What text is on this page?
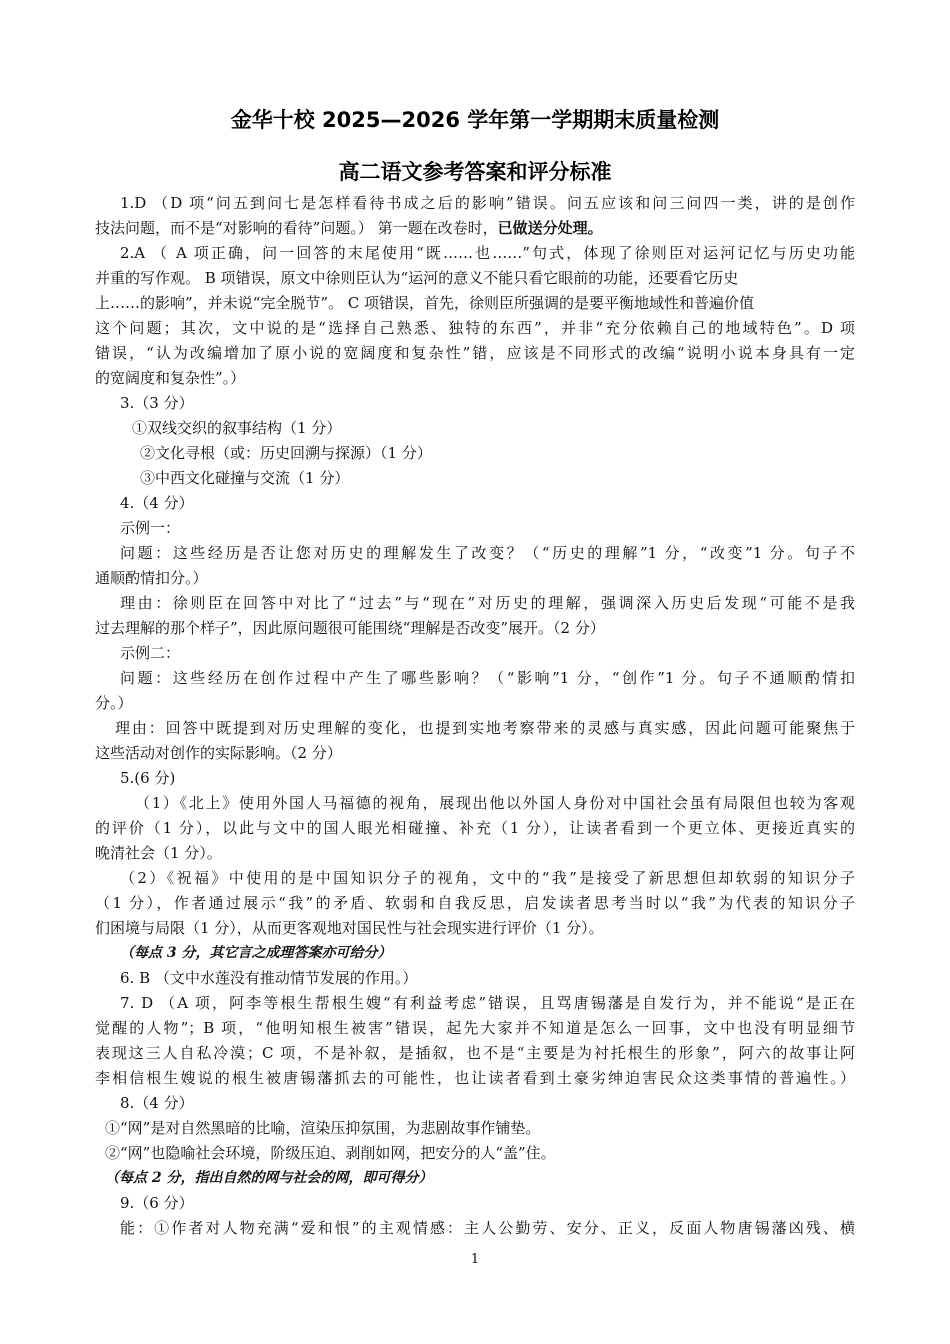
金华十校 2025—2026 学年第一学期期末质量检测
高二语文参考答案和评分标准
1.D （D 项“问五到问七是怎样看待书成之后的影响”错误。问五应该和问三问四一类，讲的是创作
技法问题，而不是“对影响的看待”问题。） 第一题在改卷时，已做送分处理。
2.A （ A 项正确，问一回答的末尾使用“既……也……”句式，体现了徐则臣对运河记忆与历史功能
并重的写作观。 B 项错误，原文中徐则臣认为“运河的意义不能只看它眼前的功能，还要看它历史
上……的影响”，并未说“完全脱节”。 C 项错误，首先，徐则臣所强调的是要平衡地域性和普遍价值
这个问题；其次，文中说的是“选择自己熟悉、独特的东西”，并非“充分依赖自己的地域特色”。D 项
错误，“认为改编增加了原小说的宽阔度和复杂性”错，应该是不同形式的改编“说明小说本身具有一定
的宽阔度和复杂性”。）
3.（3 分）
①双线交织的叙事结构（1 分）
②文化寻根（或：历史回溯与探源）（1 分）
③中西文化碰撞与交流（1 分）
4.（4 分）
示例一：
问题：这些经历是否让您对历史的理解发生了改变？（“历史的理解”1 分，“改变”1 分。句子不
通顺酌情扣分。）
理由：徐则臣在回答中对比了“过去”与“现在”对历史的理解，强调深入历史后发现“可能不是我
过去理解的那个样子”，因此原问题很可能围绕“理解是否改变”展开。（2 分）
示例二：
问题：这些经历在创作过程中产生了哪些影响？（“影响”1 分，“创作”1 分。句子不通顺酌情扣
分。）
理由：回答中既提到对历史理解的变化，也提到实地考察带来的灵感与真实感，因此问题可能聚焦于
这些活动对创作的实际影响。（2 分）
5.(6 分)
（1）《北上》使用外国人马福德的视角，展现出他以外国人身份对中国社会虽有局限但也较为客观
的评价（1 分），以此与文中的国人眼光相碰撞、补充（1 分），让读者看到一个更立体、更接近真实的
晚清社会（1 分）。
（2）《祝福》中使用的是中国知识分子的视角，文中的“我”是接受了新思想但却软弱的知识分子
（1 分），作者通过展示“我”的矛盾、软弱和自我反思，启发读者思考当时以“我”为代表的知识分子
们困境与局限（1 分），从而更客观地对国民性与社会现实进行评价（1 分）。
（每点 3 分，其它言之成理答案亦可给分）
6. B （文中水莲没有推动情节发展的作用。）
7. D （A 项，阿李等根生帮根生嫂“有利益考虑”错误，且骂唐锡藩是自发行为，并不能说“是正在
觉醒的人物”；B 项，“他明知根生被害”错误，起先大家并不知道是怎么一回事，文中也没有明显细节
表现这三人自私冷漠；C 项，不是补叙，是插叙，也不是“主要是为衬托根生的形象”，阿六的故事让阿
李相信根生嫂说的根生被唐锡藩抓去的可能性，也让读者看到土豪劣绅迫害民众这类事情的普遍性。）
8.（4 分）
①“网”是对自然黑暗的比喻，渲染压抑氛围，为悲剧故事作铺垫。
②“网”也隐喻社会环境，阶级压迫、剥削如网，把安分的人“盖”住。
（每点 2 分，指出自然的网与社会的网，即可得分）
9.（6 分）
能：①作者对人物充满“爱和恨”的主观情感：主人公勤劳、安分、正义，反面人物唐锡藩凶残、横
1
